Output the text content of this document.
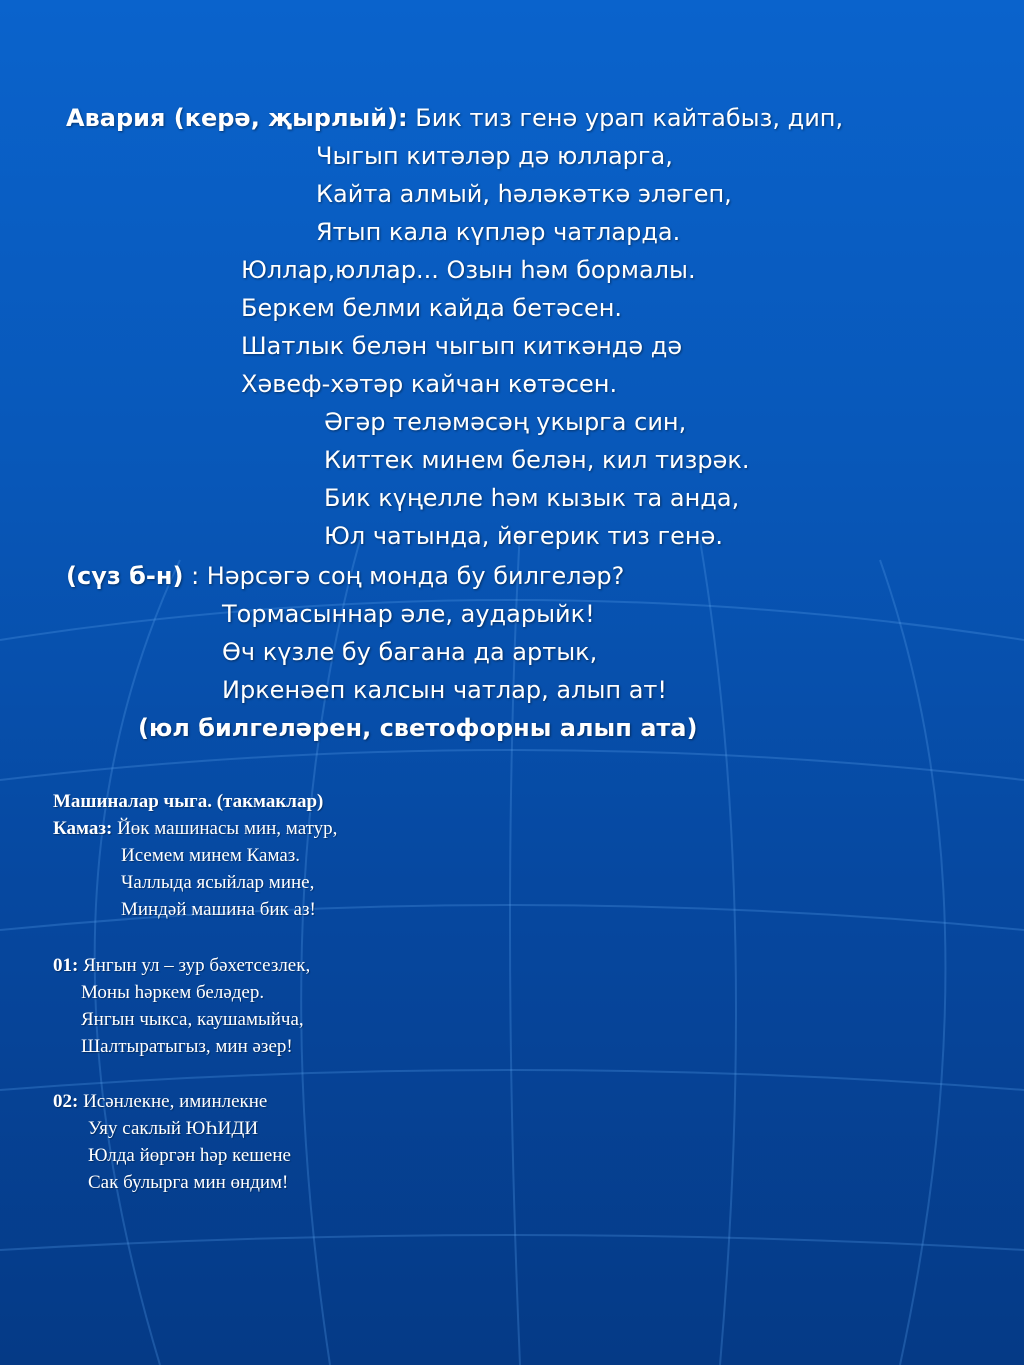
Авария (керә, җырлый): Бик тиз генә урап кайтабыз, дип,
Чыгып китәләр дә юлларга,
Кайта алмый, һәләкәткә эләгеп,
Ятып кала күпләр чатларда.
Юллар,юллар... Озын һәм бормалы.
Беркем белми кайда бетәсен.
Шатлык белән чыгып киткәндә дә
Хәвеф-хәтәр кайчан көтәсен.
Әгәр теләмәсәң укырга син,
Киттек минем белән, кил тизрәк.
Бик күңелле һәм кызык та анда,
Юл чатында, йөгерик тиз генә.
(сүз б-н) : Нәрсәгә соң монда бу билгеләр?
Тормасыннар әле, аударыйк!
Өч күзле бу багана да артык,
Иркенәеп калсын чатлар, алып ат!
(юл билгеләрен, светофорны алып ата)
Машиналар чыга. (такмаклар)
Камаз: Йөк машинасы мин, матур,
Исемем минем Камаз.
Чаллыда ясыйлар мине,
Миндәй машина бик аз!
01: Янгын ул – зур бәхетсезлек,
Моны һәркем беләдер.
Янгын чыкса, каушамыйча,
Шалтыратыгыз, мин әзер!
02: Исәнлекне, иминлекне
Уяу саклый ЮҺИДИ
Юлда йөргән һәр кешене
Сак булырга мин өндим!
